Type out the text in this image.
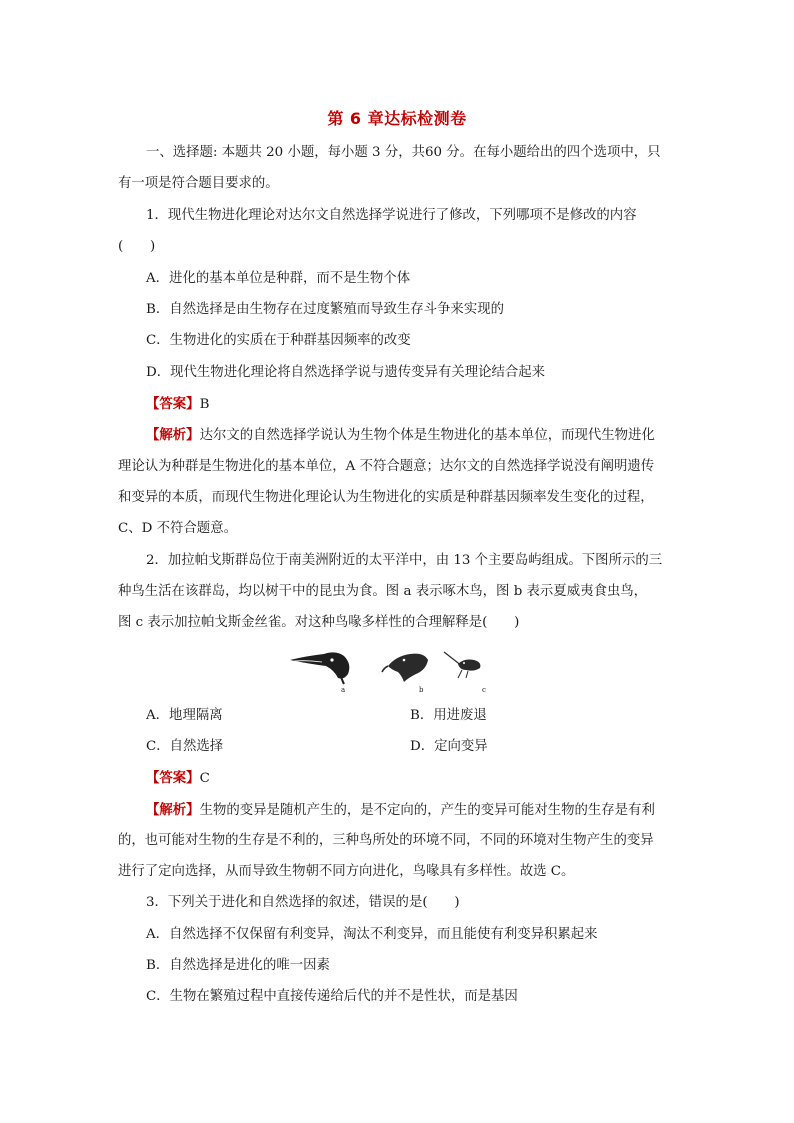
第 6 章达标检测卷
一、选择题: 本题共 20 小题，每小题 3 分，共60 分。在每小题给出的四个选项中，只
有一项是符合题目要求的。
1．现代生物进化理论对达尔文自然选择学说进行了修改，下列哪项不是修改的内容
(　　)
A．进化的基本单位是种群，而不是生物个体
B．自然选择是由生物存在过度繁殖而导致生存斗争来实现的
C．生物进化的实质在于种群基因频率的改变
D．现代生物进化理论将自然选择学说与遗传变异有关理论结合起来
【答案】B
【解析】达尔文的自然选择学说认为生物个体是生物进化的基本单位，而现代生物进化
理论认为种群是生物进化的基本单位，A 不符合题意；达尔文的自然选择学说没有阐明遗传
和变异的本质，而现代生物进化理论认为生物进化的实质是种群基因频率发生变化的过程，
C、D 不符合题意。
2．加拉帕戈斯群岛位于南美洲附近的太平洋中，由 13 个主要岛屿组成。下图所示的三
种鸟生活在该群岛，均以树干中的昆虫为食。图 a 表示啄木鸟，图 b 表示夏威夷食虫鸟，
图 c 表示加拉帕戈斯金丝雀。对这种鸟喙多样性的合理解释是(　　)
a	b	c
A．地理隔离	B．用进废退
C．自然选择	D．定向变异
【答案】C
【解析】生物的变异是随机产生的，是不定向的，产生的变异可能对生物的生存是有利
的，也可能对生物的生存是不利的，三种鸟所处的环境不同，不同的环境对生物产生的变异
进行了定向选择，从而导致生物朝不同方向进化，鸟喙具有多样性。故选 C。
3．下列关于进化和自然选择的叙述，错误的是(　　)
A．自然选择不仅保留有利变异，淘汰不利变异，而且能使有利变异积累起来
B．自然选择是进化的唯一因素
C．生物在繁殖过程中直接传递给后代的并不是性状，而是基因
